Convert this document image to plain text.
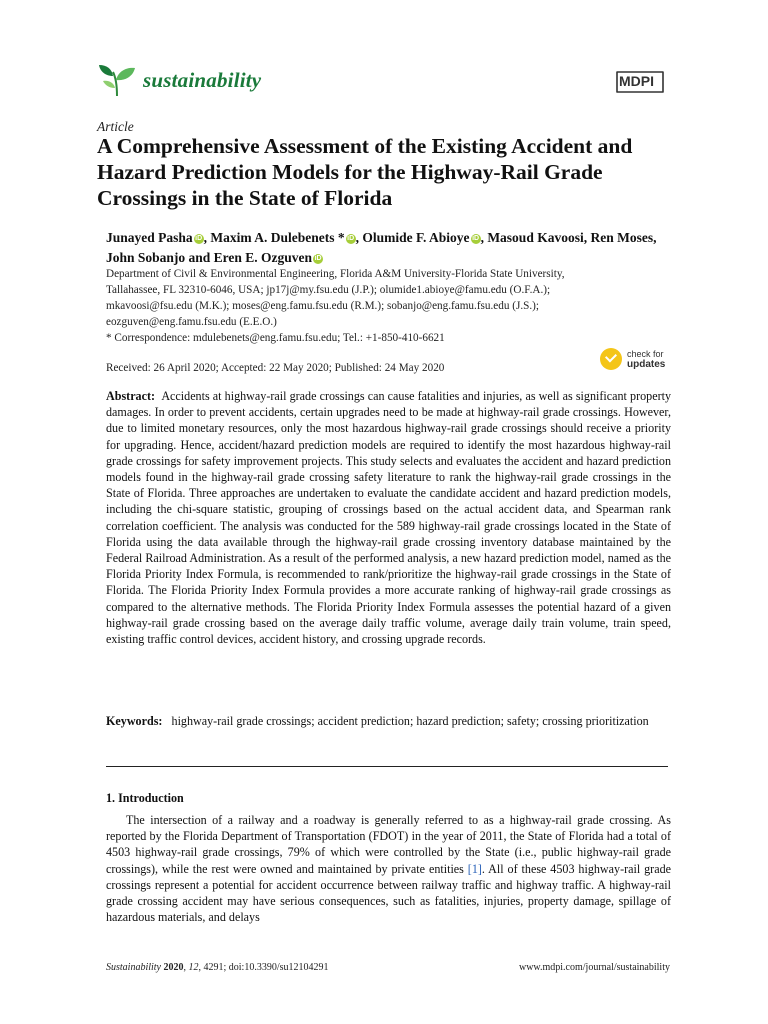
sustainability	MDPI
Article
A Comprehensive Assessment of the Existing Accident and Hazard Prediction Models for the Highway-Rail Grade Crossings in the State of Florida

Junayed Pasha iD , Maxim A. Dulebenets * iD , Olumide F. Abioye iD , Masoud Kavoosi, Ren Moses,
John Sobanjo and Eren E. Ozguven iD

Department of Civil & Environmental Engineering, Florida A&M University-Florida State University,

Tallahassee, FL 32310-6046, USA; jp17j@my.fsu.edu (J.P.); olumide1.abioye@famu.edu (O.F.A.);

mkavoosi@fsu.edu (M.K.); moses@eng.famu.fsu.edu (R.M.); sobanjo@eng.famu.fsu.edu (J.S.);

eozguven@eng.famu.fsu.edu (E.E.O.)

* Correspondence: mdulebenets@eng.famu.fsu.edu; Tel.: +1-850-410-6621
Received: 26 April 2020; Accepted: 22 May 2020; Published: 24 May 2020
check for
updates

Abstract: Accidents at highway-rail grade crossings can cause fatalities and injuries, as well as significant property damages. In order to prevent accidents, certain upgrades need to be made at highway-rail grade crossings. However, due to limited monetary resources, only the most hazardous highway-rail grade crossings should receive a priority for upgrading. Hence, accident/hazard prediction models are required to identify the most hazardous highway-rail grade crossings for safety improvement projects. This study selects and evaluates the accident and hazard prediction models found in the highway-rail grade crossing safety literature to rank the highway-rail grade crossings in the State of Florida. Three approaches are undertaken to evaluate the candidate accident and hazard prediction models, including the chi-square statistic, grouping of crossings based on the actual accident data, and Spearman rank correlation coefficient. The analysis was conducted for the 589 highway-rail grade crossings located in the State of Florida using the data available through the highway-rail grade crossing inventory database maintained by the Federal Railroad Administration. As a result of the performed analysis, a new hazard prediction model, named as the Florida Priority Index Formula, is recommended to rank/prioritize the highway-rail grade crossings in the State of Florida. The Florida Priority Index Formula provides a more accurate ranking of highway-rail grade crossings as compared to the alternative methods. The Florida Priority Index Formula assesses the potential hazard of a given highway-rail grade crossing based on the average daily traffic volume, average daily train volume, train speed, existing traffic control devices, accident history, and crossing upgrade records.

Keywords: highway-rail grade crossings; accident prediction; hazard prediction; safety; crossing prioritization

1. Introduction

The intersection of a railway and a roadway is generally referred to as a highway-rail grade crossing. As reported by the Florida Department of Transportation (FDOT) in the year of 2011, the State of Florida had a total of 4503 highway-rail grade crossings, 79% of which were controlled by the State (i.e., public highway-rail grade crossings), while the rest were owned and maintained by private entities [1]. All of these 4503 highway-rail grade crossings represent a potential for accident occurrence between railway traffic and highway traffic. A highway-rail grade crossing accident may have serious consequences, such as fatalities, injuries, property damage, spillage of hazardous materials, and delays

Sustainability 2020, 12, 4291; doi:10.3390/su12104291	www.mdpi.com/journal/sustainability
